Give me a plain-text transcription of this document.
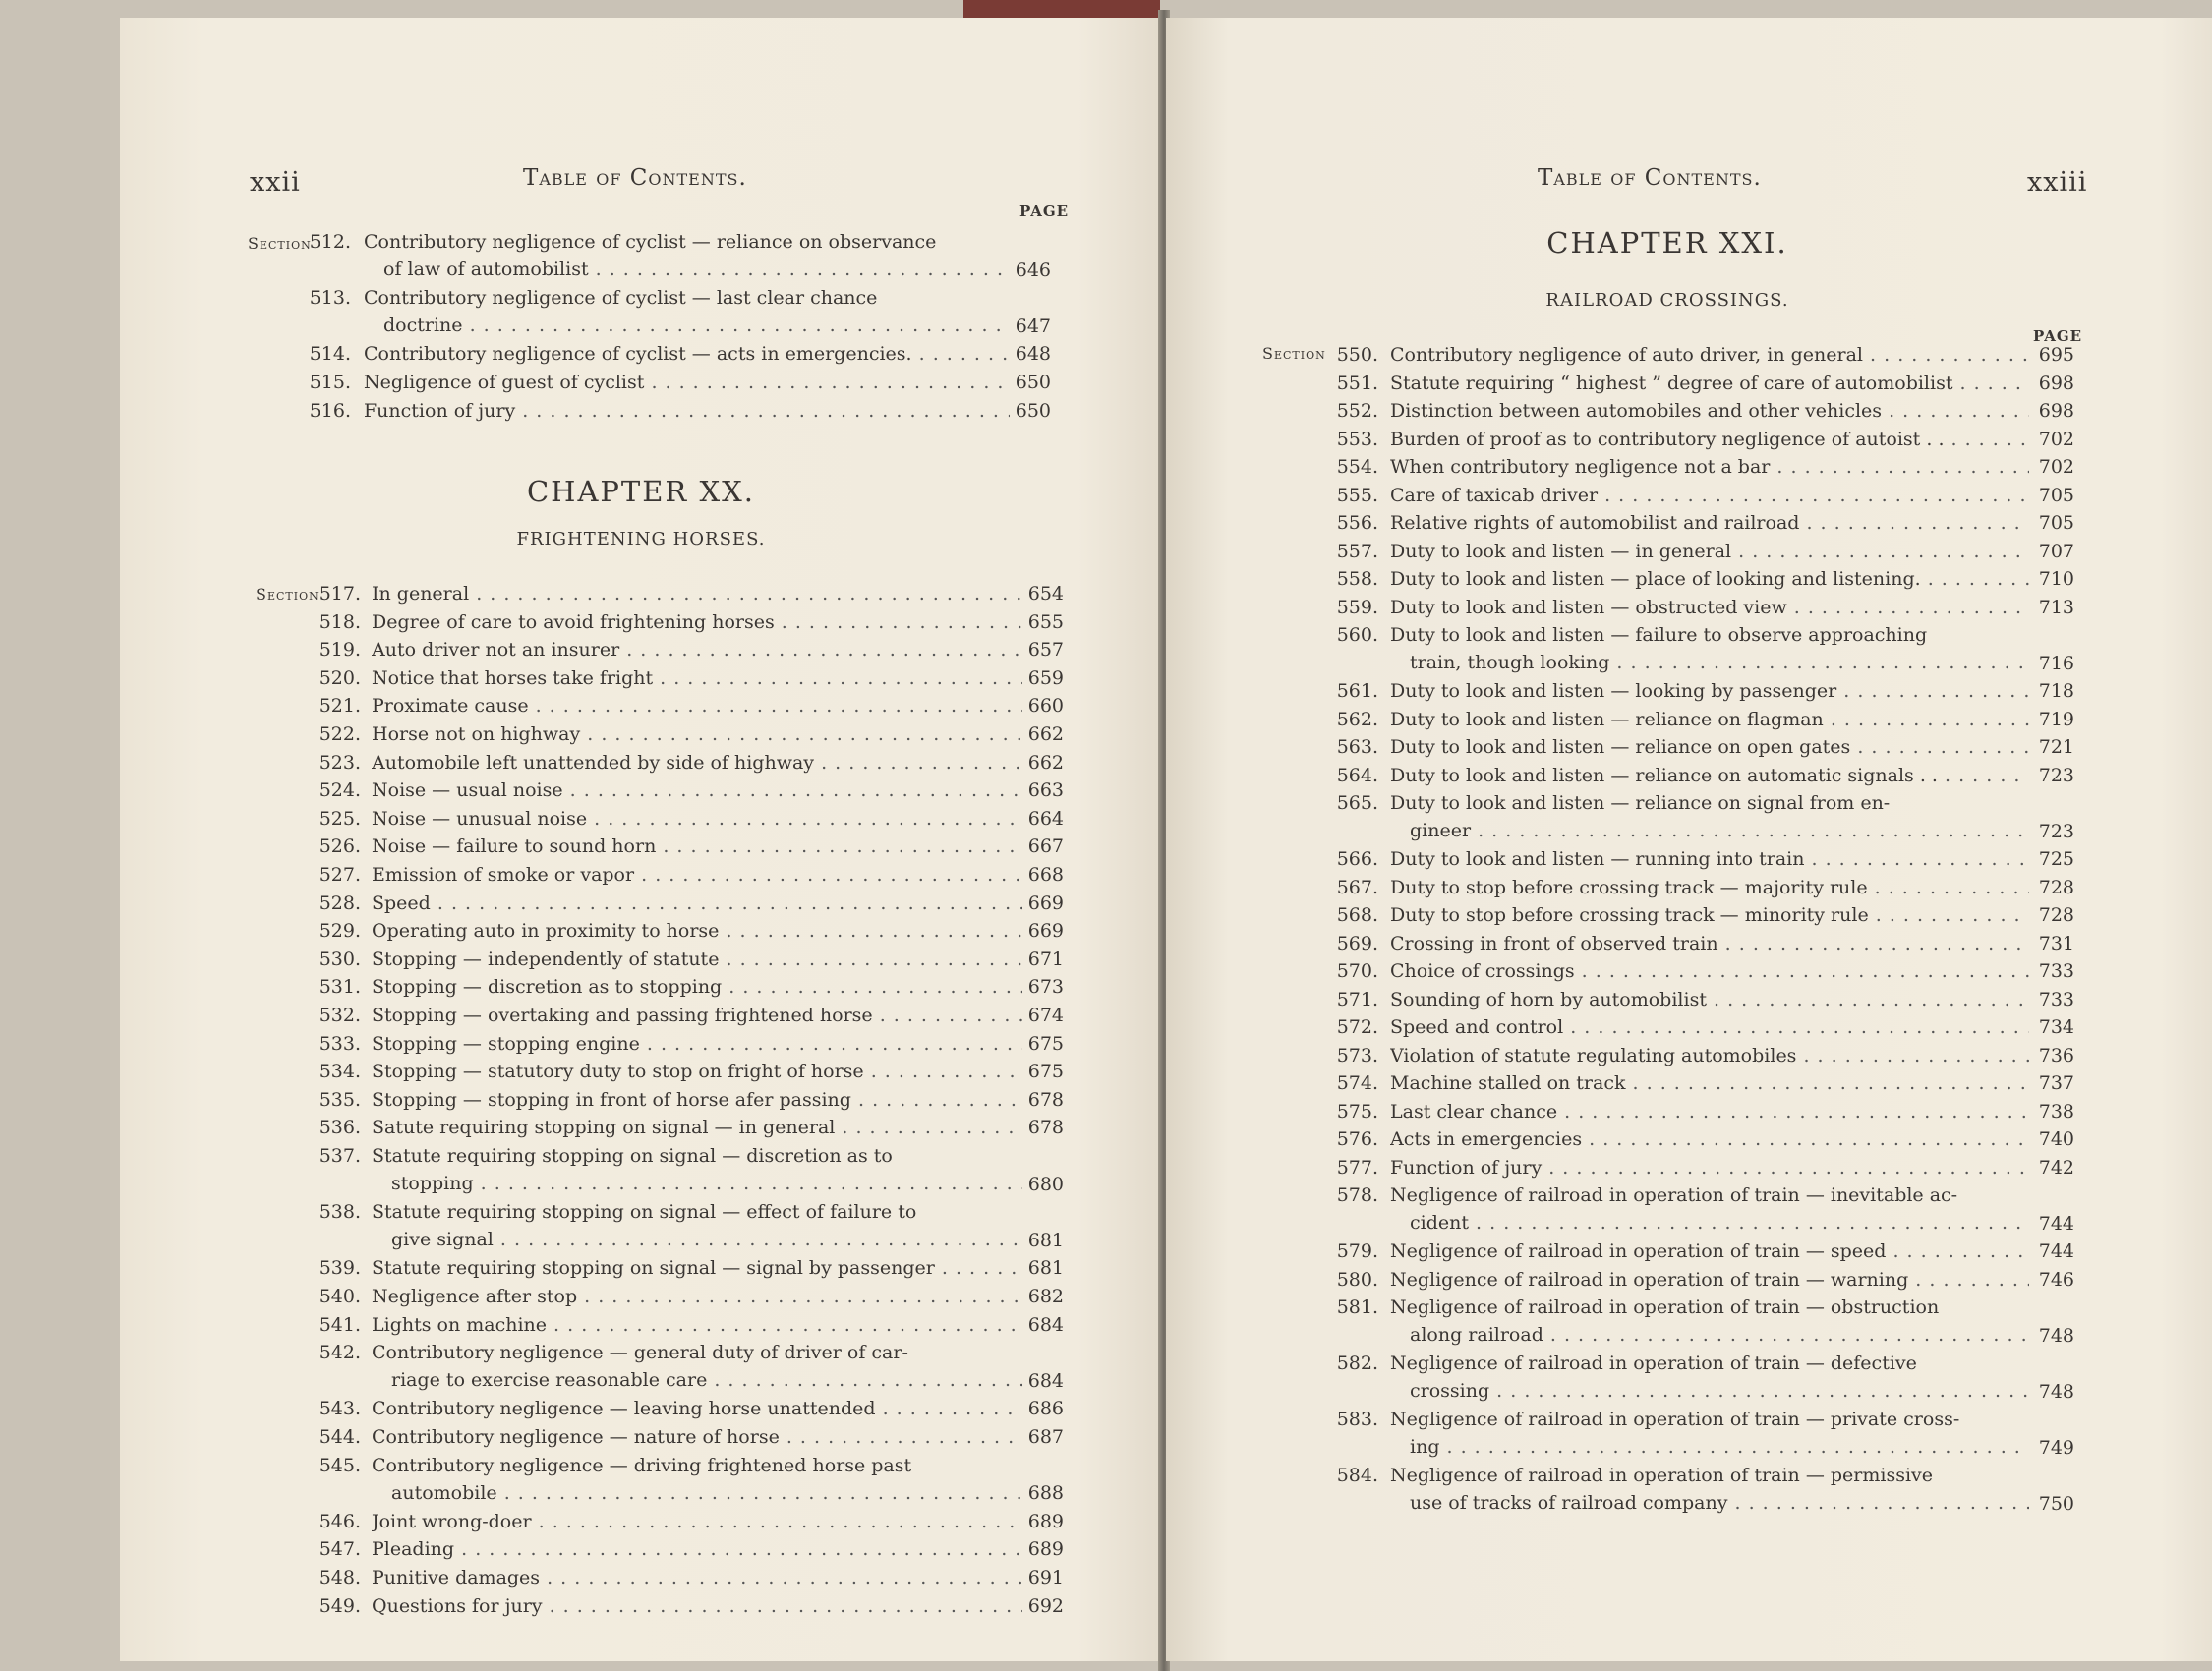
xxii	Table of Contents.
PAGE
Section
512. Contributory negligence of cyclist — reliance on observance
of law of automobilist . . .	646
513. Contributory negligence of cyclist — last clear chance
doctrine . . .	647
514. Contributory negligence of cyclist — acts in emergencies. . . .	648
515. Negligence of guest of cyclist . . .	650
516. Function of jury . . .	650
CHAPTER XX.
FRIGHTENING HORSES.
Section 517. In general . . .	654
518. Degree of care to avoid frightening horses . . .	655
519. Auto driver not an insurer . . .	657
520. Notice that horses take fright . . .	659
521. Proximate cause . . .	660
522. Horse not on highway . . .	662
523. Automobile left unattended by side of highway . . .	662
524. Noise — usual noise . . .	663
525. Noise — unusual noise . . .	664
526. Noise — failure to sound horn . . .	667
527. Emission of smoke or vapor . . .	668
528. Speed . . .	669
529. Operating auto in proximity to horse . . .	669
530. Stopping — independently of statute . . .	671
531. Stopping — discretion as to stopping . . .	673
532. Stopping — overtaking and passing frightened horse . . .	674
533. Stopping — stopping engine . . .	675
534. Stopping — statutory duty to stop on fright of horse . . .	675
535. Stopping — stopping in front of horse afer passing . . .	678
536. Satute requiring stopping on signal — in general . . .	678
537. Statute requiring stopping on signal — discretion as to
stopping . . .	680
538. Statute requiring stopping on signal — effect of failure to
give signal . . .	681
539. Statute requiring stopping on signal — signal by passenger . . .	681
540. Negligence after stop . . .	682
541. Lights on machine . . .	684
542. Contributory negligence — general duty of driver of car-
riage to exercise reasonable care . . .	684
543. Contributory negligence — leaving horse unattended . . .	686
544. Contributory negligence — nature of horse . . .	687
545. Contributory negligence — driving frightened horse past
automobile . . .	688
546. Joint wrong-doer . . .	689
547. Pleading . . .	689
548. Punitive damages . . .	691
549. Questions for jury . . .	692
Table of Contents.	xxiii
CHAPTER XXI.
RAILROAD CROSSINGS.
PAGE
Section 550. Contributory negligence of auto driver, in general . . .	695
551. Statute requiring “ highest ” degree of care of automobilist . . .	698
552. Distinction between automobiles and other vehicles . . .	698
553. Burden of proof as to contributory negligence of autoist . . . . .	702
554. When contributory negligence not a bar . . .	702
555. Care of taxicab driver . . .	705
556. Relative rights of automobilist and railroad . . .	705
557. Duty to look and listen — in general . . .	707
558. Duty to look and listen — place of looking and listening. . . .	710
559. Duty to look and listen — obstructed view . . .	713
560. Duty to look and listen — failure to observe approaching
train, though looking . . .	716
561. Duty to look and listen — looking by passenger . . .	718
562. Duty to look and listen — reliance on flagman . . .	719
563. Duty to look and listen — reliance on open gates . . .	721
564. Duty to look and listen — reliance on automatic signals . . . . .	723
565. Duty to look and listen — reliance on signal from en-
gineer . . .	723
566. Duty to look and listen — running into train . . .	725
567. Duty to stop before crossing track — majority rule . . .	728
568. Duty to stop before crossing track — minority rule . . .	728
569. Crossing in front of observed train . . .	731
570. Choice of crossings . . .	733
571. Sounding of horn by automobilist . . .	733
572. Speed and control . . .	734
573. Violation of statute regulating automobiles . . .	736
574. Machine stalled on track . . .	737
575. Last clear chance . . .	738
576. Acts in emergencies . . .	740
577. Function of jury . . .	742
578. Negligence of railroad in operation of train — inevitable ac-
cident . . .	744
579. Negligence of railroad in operation of train — speed . . .	744
580. Negligence of railroad in operation of train — warning . . .	746
581. Negligence of railroad in operation of train — obstruction
along railroad . . .	748
582. Negligence of railroad in operation of train — defective
crossing . . .	748
583. Negligence of railroad in operation of train — private cross-
ing . . .	749
584. Negligence of railroad in operation of train — permissive
use of tracks of railroad company . . .	750
